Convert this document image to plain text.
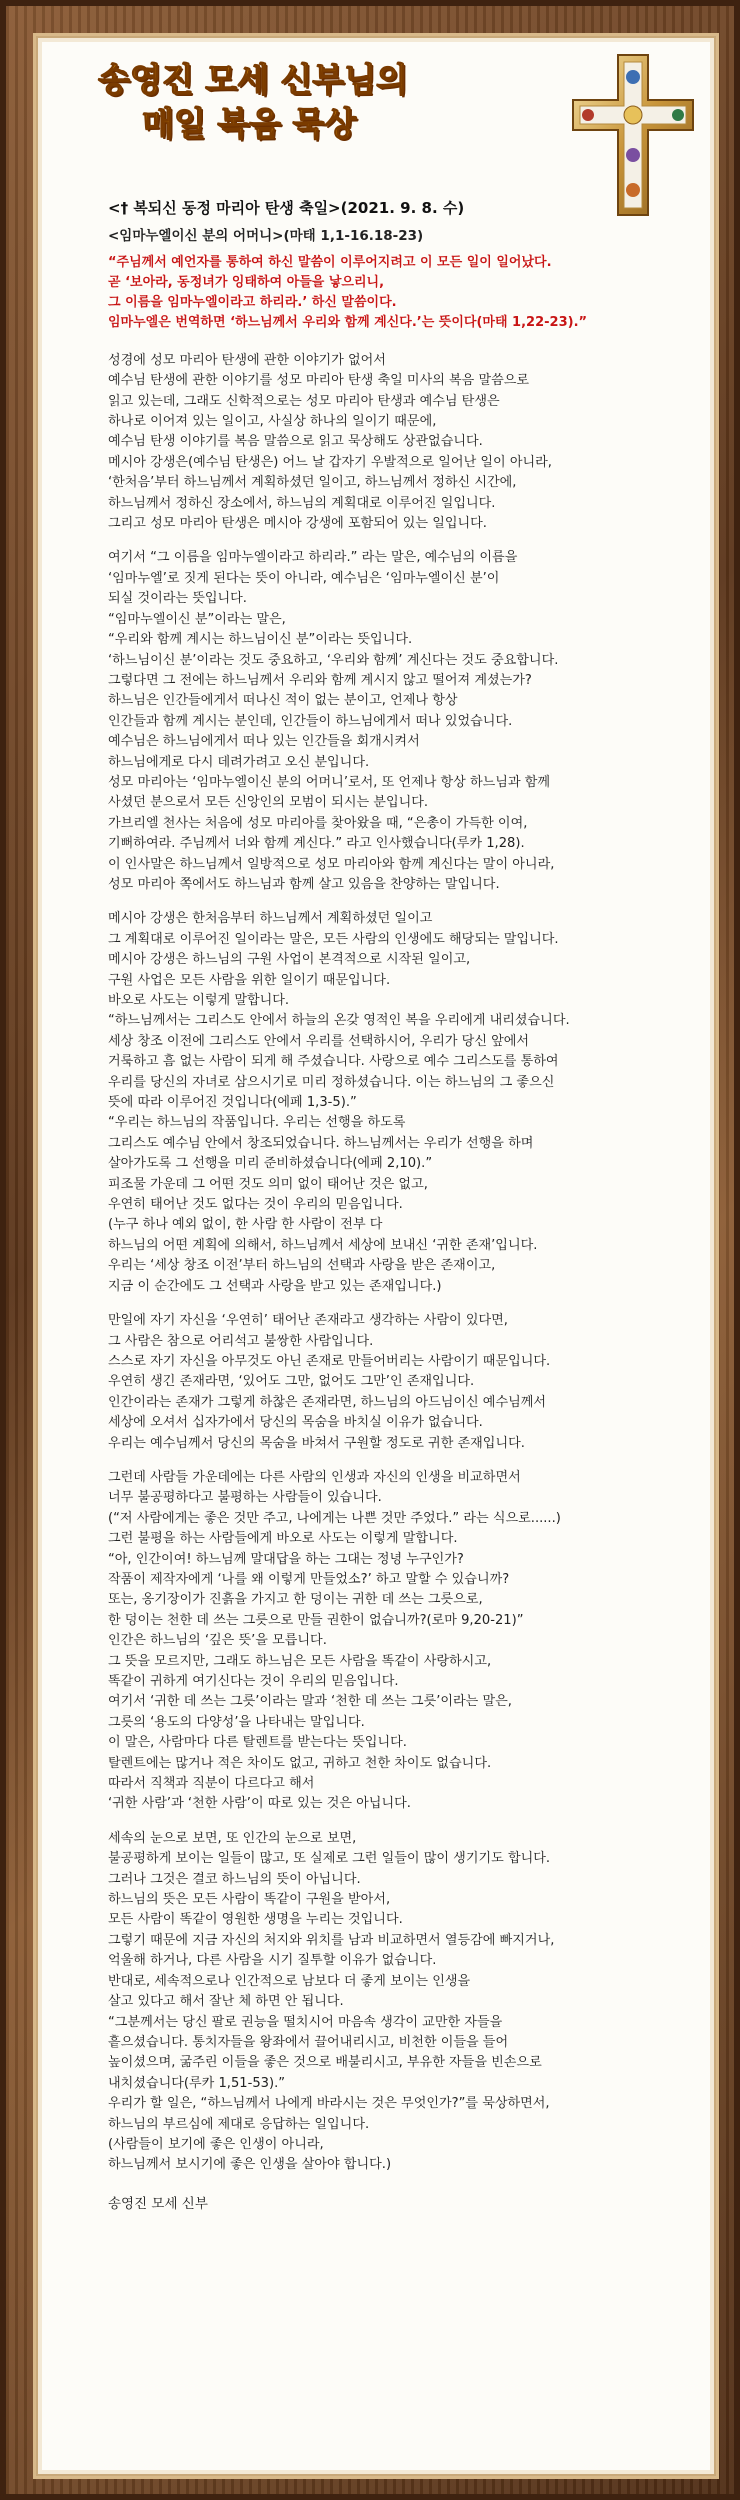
송영진 모세 신부님의
매일 복음 묵상
<† 복되신 동정 마리아 탄생 축일>(2021. 9. 8. 수)
<임마누엘이신 분의 어머니>(마태 1,1-16.18-23)
“주님께서 예언자를 통하여 하신 말씀이 이루어지려고 이 모든 일이 일어났다.
곧 ‘보아라, 동정녀가 잉태하여 아들을 낳으리니,
그 이름을 임마누엘이라고 하리라.’ 하신 말씀이다.
임마누엘은 번역하면 ‘하느님께서 우리와 함께 계신다.’는 뜻이다(마태 1,22-23).”
성경에 성모 마리아 탄생에 관한 이야기가 없어서
예수님 탄생에 관한 이야기를 성모 마리아 탄생 축일 미사의 복음 말씀으로
읽고 있는데, 그래도 신학적으로는 성모 마리아 탄생과 예수님 탄생은
하나로 이어져 있는 일이고, 사실상 하나의 일이기 때문에,
예수님 탄생 이야기를 복음 말씀으로 읽고 묵상해도 상관없습니다.
메시아 강생은(예수님 탄생은) 어느 날 갑자기 우발적으로 일어난 일이 아니라,
‘한처음’부터 하느님께서 계획하셨던 일이고, 하느님께서 정하신 시간에,
하느님께서 정하신 장소에서, 하느님의 계획대로 이루어진 일입니다.
그리고 성모 마리아 탄생은 메시아 강생에 포함되어 있는 일입니다.
여기서 “그 이름을 임마누엘이라고 하리라.” 라는 말은, 예수님의 이름을
‘임마누엘’로 짓게 된다는 뜻이 아니라, 예수님은 ‘임마누엘이신 분’이
되실 것이라는 뜻입니다.
“임마누엘이신 분”이라는 말은,
“우리와 함께 계시는 하느님이신 분”이라는 뜻입니다.
‘하느님이신 분’이라는 것도 중요하고, ‘우리와 함께’ 계신다는 것도 중요합니다.
그렇다면 그 전에는 하느님께서 우리와 함께 계시지 않고 떨어져 계셨는가?
하느님은 인간들에게서 떠나신 적이 없는 분이고, 언제나 항상
인간들과 함께 계시는 분인데, 인간들이 하느님에게서 떠나 있었습니다.
예수님은 하느님에게서 떠나 있는 인간들을 회개시켜서
하느님에게로 다시 데려가려고 오신 분입니다.
성모 마리아는 ‘임마누엘이신 분의 어머니’로서, 또 언제나 항상 하느님과 함께
사셨던 분으로서 모든 신앙인의 모범이 되시는 분입니다.
가브리엘 천사는 처음에 성모 마리아를 찾아왔을 때, “은총이 가득한 이여,
기뻐하여라. 주님께서 너와 함께 계신다.” 라고 인사했습니다(루카 1,28).
이 인사말은 하느님께서 일방적으로 성모 마리아와 함께 계신다는 말이 아니라,
성모 마리아 쪽에서도 하느님과 함께 살고 있음을 찬양하는 말입니다.
메시아 강생은 한처음부터 하느님께서 계획하셨던 일이고
그 계획대로 이루어진 일이라는 말은, 모든 사람의 인생에도 해당되는 말입니다.
메시아 강생은 하느님의 구원 사업이 본격적으로 시작된 일이고,
구원 사업은 모든 사람을 위한 일이기 때문입니다.
바오로 사도는 이렇게 말합니다.
“하느님께서는 그리스도 안에서 하늘의 온갖 영적인 복을 우리에게 내리셨습니다.
세상 창조 이전에 그리스도 안에서 우리를 선택하시어, 우리가 당신 앞에서
거룩하고 흠 없는 사람이 되게 해 주셨습니다. 사랑으로 예수 그리스도를 통하여
우리를 당신의 자녀로 삼으시기로 미리 정하셨습니다. 이는 하느님의 그 좋으신
뜻에 따라 이루어진 것입니다(에페 1,3-5).”
“우리는 하느님의 작품입니다. 우리는 선행을 하도록
그리스도 예수님 안에서 창조되었습니다. 하느님께서는 우리가 선행을 하며
살아가도록 그 선행을 미리 준비하셨습니다(에페 2,10).”
피조물 가운데 그 어떤 것도 의미 없이 태어난 것은 없고,
우연히 태어난 것도 없다는 것이 우리의 믿음입니다.
(누구 하나 예외 없이, 한 사람 한 사람이 전부 다
하느님의 어떤 계획에 의해서, 하느님께서 세상에 보내신 ‘귀한 존재’입니다.
우리는 ‘세상 창조 이전’부터 하느님의 선택과 사랑을 받은 존재이고,
지금 이 순간에도 그 선택과 사랑을 받고 있는 존재입니다.)
만일에 자기 자신을 ‘우연히’ 태어난 존재라고 생각하는 사람이 있다면,
그 사람은 참으로 어리석고 불쌍한 사람입니다.
스스로 자기 자신을 아무것도 아닌 존재로 만들어버리는 사람이기 때문입니다.
우연히 생긴 존재라면, ‘있어도 그만, 없어도 그만’인 존재입니다.
인간이라는 존재가 그렇게 하찮은 존재라면, 하느님의 아드님이신 예수님께서
세상에 오셔서 십자가에서 당신의 목숨을 바치실 이유가 없습니다.
우리는 예수님께서 당신의 목숨을 바쳐서 구원할 정도로 귀한 존재입니다.
그런데 사람들 가운데에는 다른 사람의 인생과 자신의 인생을 비교하면서
너무 불공평하다고 불평하는 사람들이 있습니다.
(“저 사람에게는 좋은 것만 주고, 나에게는 나쁜 것만 주었다.” 라는 식으로......)
그런 불평을 하는 사람들에게 바오로 사도는 이렇게 말합니다.
“아, 인간이여! 하느님께 말대답을 하는 그대는 정녕 누구인가?
작품이 제작자에게 ‘나를 왜 이렇게 만들었소?’ 하고 말할 수 있습니까?
또는, 옹기장이가 진흙을 가지고 한 덩이는 귀한 데 쓰는 그릇으로,
한 덩이는 천한 데 쓰는 그릇으로 만들 권한이 없습니까?(로마 9,20-21)”
인간은 하느님의 ‘깊은 뜻’을 모릅니다.
그 뜻을 모르지만, 그래도 하느님은 모든 사람을 똑같이 사랑하시고,
똑같이 귀하게 여기신다는 것이 우리의 믿음입니다.
여기서 ‘귀한 데 쓰는 그릇’이라는 말과 ‘천한 데 쓰는 그릇’이라는 말은,
그릇의 ‘용도의 다양성’을 나타내는 말입니다.
이 말은, 사람마다 다른 탈렌트를 받는다는 뜻입니다.
탈렌트에는 많거나 적은 차이도 없고, 귀하고 천한 차이도 없습니다.
따라서 직책과 직분이 다르다고 해서
‘귀한 사람’과 ‘천한 사람’이 따로 있는 것은 아닙니다.
세속의 눈으로 보면, 또 인간의 눈으로 보면,
불공평하게 보이는 일들이 많고, 또 실제로 그런 일들이 많이 생기기도 합니다.
그러나 그것은 결코 하느님의 뜻이 아닙니다.
하느님의 뜻은 모든 사람이 똑같이 구원을 받아서,
모든 사람이 똑같이 영원한 생명을 누리는 것입니다.
그렇기 때문에 지금 자신의 처지와 위치를 남과 비교하면서 열등감에 빠지거나,
억울해 하거나, 다른 사람을 시기 질투할 이유가 없습니다.
반대로, 세속적으로나 인간적으로 남보다 더 좋게 보이는 인생을
살고 있다고 해서 잘난 체 하면 안 됩니다.
“그분께서는 당신 팔로 권능을 떨치시어 마음속 생각이 교만한 자들을
흩으셨습니다. 통치자들을 왕좌에서 끌어내리시고, 비천한 이들을 들어
높이셨으며, 굶주린 이들을 좋은 것으로 배불리시고, 부유한 자들을 빈손으로
내치셨습니다(루카 1,51-53).”
우리가 할 일은, “하느님께서 나에게 바라시는 것은 무엇인가?”를 묵상하면서,
하느님의 부르심에 제대로 응답하는 일입니다.
(사람들이 보기에 좋은 인생이 아니라,
하느님께서 보시기에 좋은 인생을 살아야 합니다.)
송영진 모세 신부
